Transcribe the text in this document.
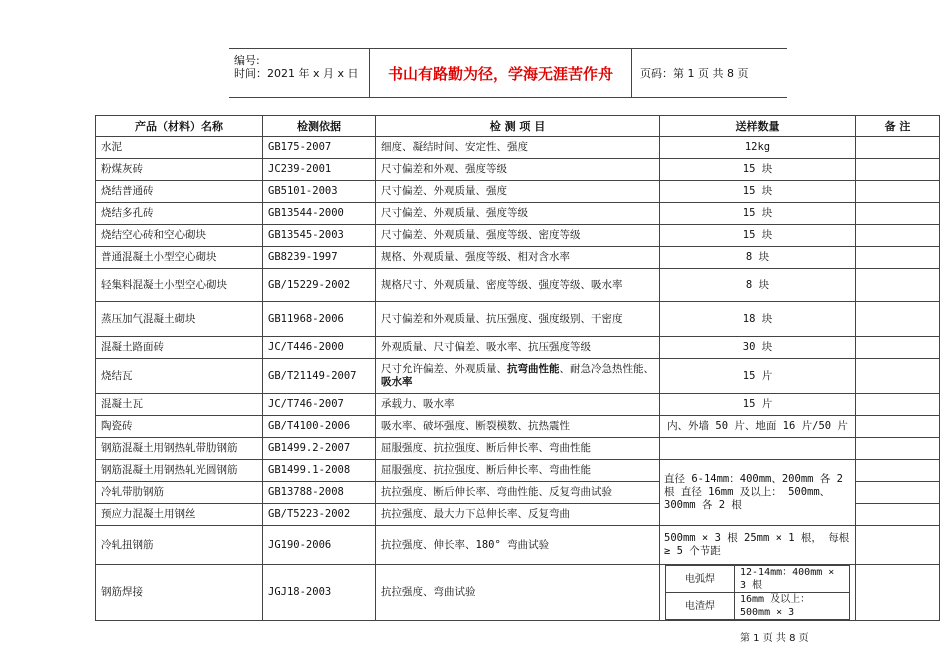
编号:
时间：2021 年 x 月 x 日	书山有路勤为径，学海无涯苦作舟	页码：第 1 页 共 8 页
产品（材料）名称	检测依据	检 测 项 目	送样数量	备 注
水泥	GB175-2007	细度、凝结时间、安定性、强度	12kg	
粉煤灰砖	JC239-2001	尺寸偏差和外观、强度等级	15 块	
烧结普通砖	GB5101-2003	尺寸偏差、外观质量、强度	15 块	
烧结多孔砖	GB13544-2000	尺寸偏差、外观质量、强度等级	15 块	
烧结空心砖和空心砌块	GB13545-2003	尺寸偏差、外观质量、强度等级、密度等级	15 块	
普通混凝土小型空心砌块	GB8239-1997	规格、外观质量、强度等级、相对含水率	8 块	
轻集料混凝土小型空心砌块	GB/15229-2002	规格尺寸、外观质量、密度等级、强度等级、吸水率	8 块	
蒸压加气混凝土砌块	GB11968-2006	尺寸偏差和外观质量、抗压强度、强度级别、干密度	18 块	
混凝土路面砖	JC/T446-2000	外观质量、尺寸偏差、吸水率、抗压强度等级	30 块	
烧结瓦	GB/T21149-2007	尺寸允许偏差、外观质量、抗弯曲性能、耐急冷急热性能、吸水率	15 片	
混凝土瓦	JC/T746-2007	承载力、吸水率	15 片	
陶瓷砖	GB/T4100-2006	吸水率、破坏强度、断裂模数、抗热震性	内、外墙 50 片、地面 16 片/50 片	
钢筋混凝土用钢热轧带肋钢筋	GB1499.2-2007	屈服强度、抗拉强度、断后伸长率、弯曲性能		
钢筋混凝土用钢热轧光圆钢筋	GB1499.1-2008	屈服强度、抗拉强度、断后伸长率、弯曲性能	直径 6-14mm：400mm、200mm 各 2 根 直径 16mm 及以上： 500mm、300mm 各 2 根	
冷轧带肋钢筋	GB13788-2008	抗拉强度、断后伸长率、弯曲性能、反复弯曲试验	
预应力混凝土用钢丝	GB/T5223-2002	抗拉强度、最大力下总伸长率、反复弯曲	
冷轧扭钢筋	JG190-2006	抗拉强度、伸长率、180° 弯曲试验	500mm × 3 根 25mm × 1 根， 每根 ≥ 5 个节距	
钢筋焊接	JGJ18-2003	抗拉强度、弯曲试验	
电弧焊	12-14mm：400mm × 3 根
电渣焊	16mm 及以上： 500mm × 3

第 1 页 共 8 页
